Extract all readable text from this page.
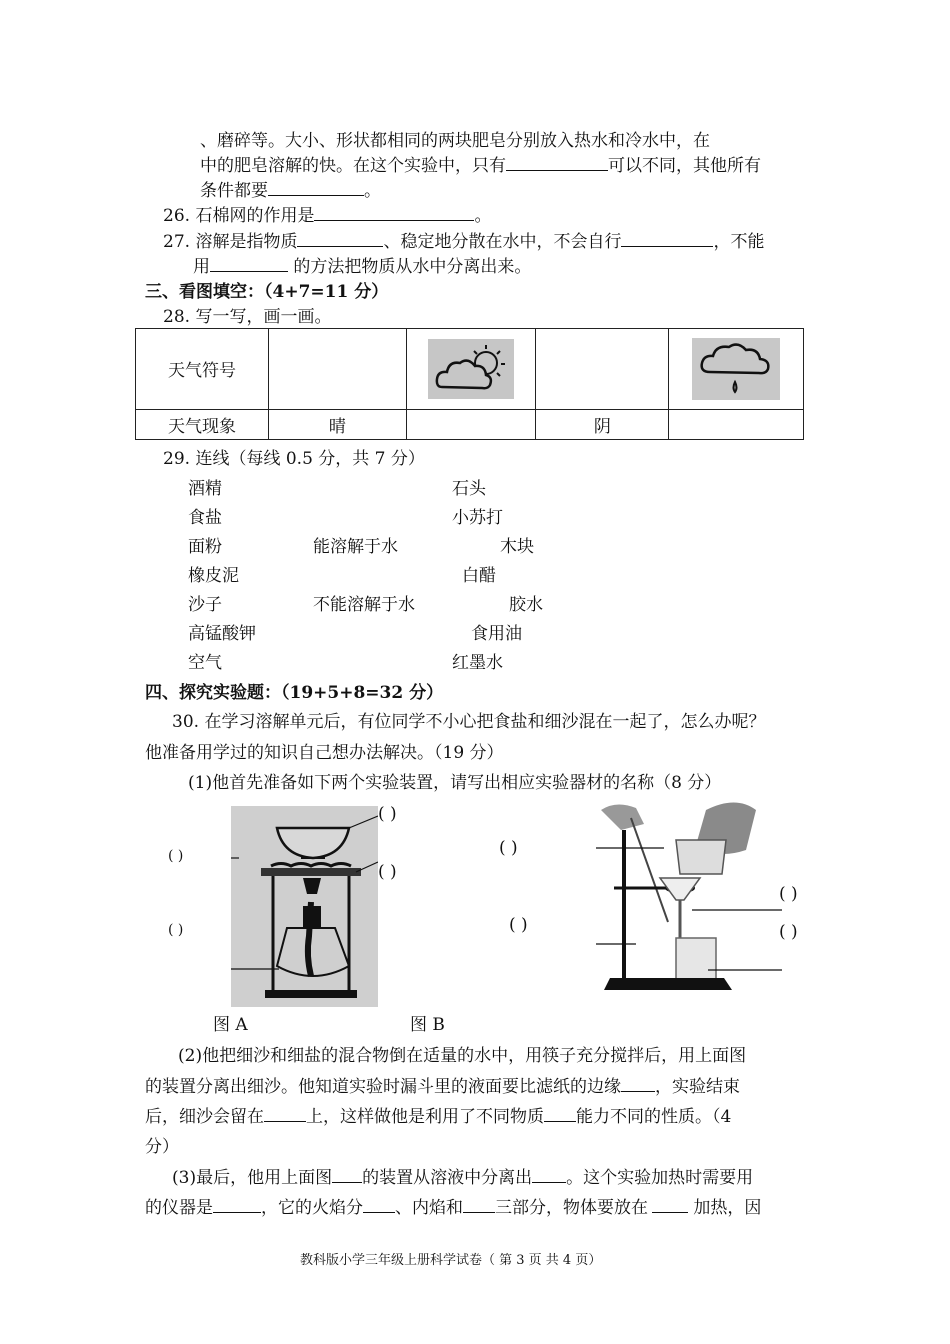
、磨碎等。大小、形状都相同的两块肥皂分别放入热水和冷水中，在
中的肥皂溶解的快。在这个实验中，只有	可以不同，其他所有
条件都要	。
26. 石棉网的作用是	。
27. 溶解是指物质	、稳定地分散在水中，不会自行	，不能
用	的方法把物质从水中分离出来。
三、看图填空：（4+7=11 分）
28. 写一写，画一画。
天气符号		

天气现象	晴		阴	
29. 连线（每线 0.5 分，共 7 分）
酒精
食盐
面粉
橡皮泥
沙子
高锰酸钾
空气
能溶解于水
不能溶解于水
石头
小苏打
木块
白醋
胶水
食用油
红墨水
四、探究实验题：（19+5+8=32 分）
30. 在学习溶解单元后，有位同学不小心把食盐和细沙混在一起了，怎么办呢？
他准备用学过的知识自己想办法解决。（19 分）
(1)他首先准备如下两个实验装置，请写出相应实验器材的名称（8 分）
( )
( )
( )
( )
( )
( )
( )
( )
图 A	图 B
(2)他把细沙和细盐的混合物倒在适量的水中，用筷子充分搅拌后，用上面图
的装置分离出细沙。他知道实验时漏斗里的液面要比滤纸的边缘 ，实验结束
后，细沙会留在 上，这样做他是利用了不同物质 能力不同的性质。（4
分）
(3)最后，他用上面图 的装置从溶液中分离出 。这个实验加热时需要用
的仪器是	，它的火焰分 、内焰和 三部分，物体要放在 加热，因
教科版小学三年级上册科学试卷（ 第 3 页 共 4 页）
